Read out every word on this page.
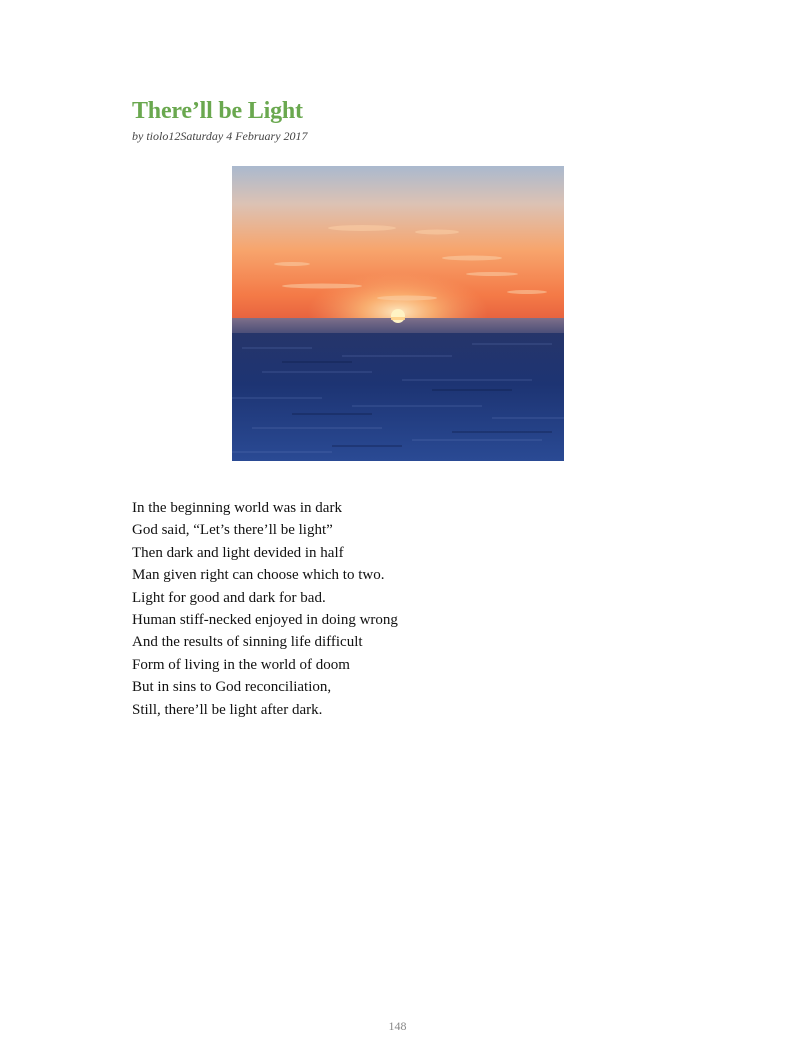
There’ll be Light
by tiolo12Saturday 4 February 2017
In the beginning world was in dark
God said, “Let’s there’ll be light”
Then dark and light devided in half
Man given right can choose which to two.
Light for good and dark for bad.
Human stiff-necked enjoyed in doing wrong
And the results of sinning life difficult
Form of living in the world of doom
But in sins to God reconciliation,
Still, there’ll be light after dark.
148
